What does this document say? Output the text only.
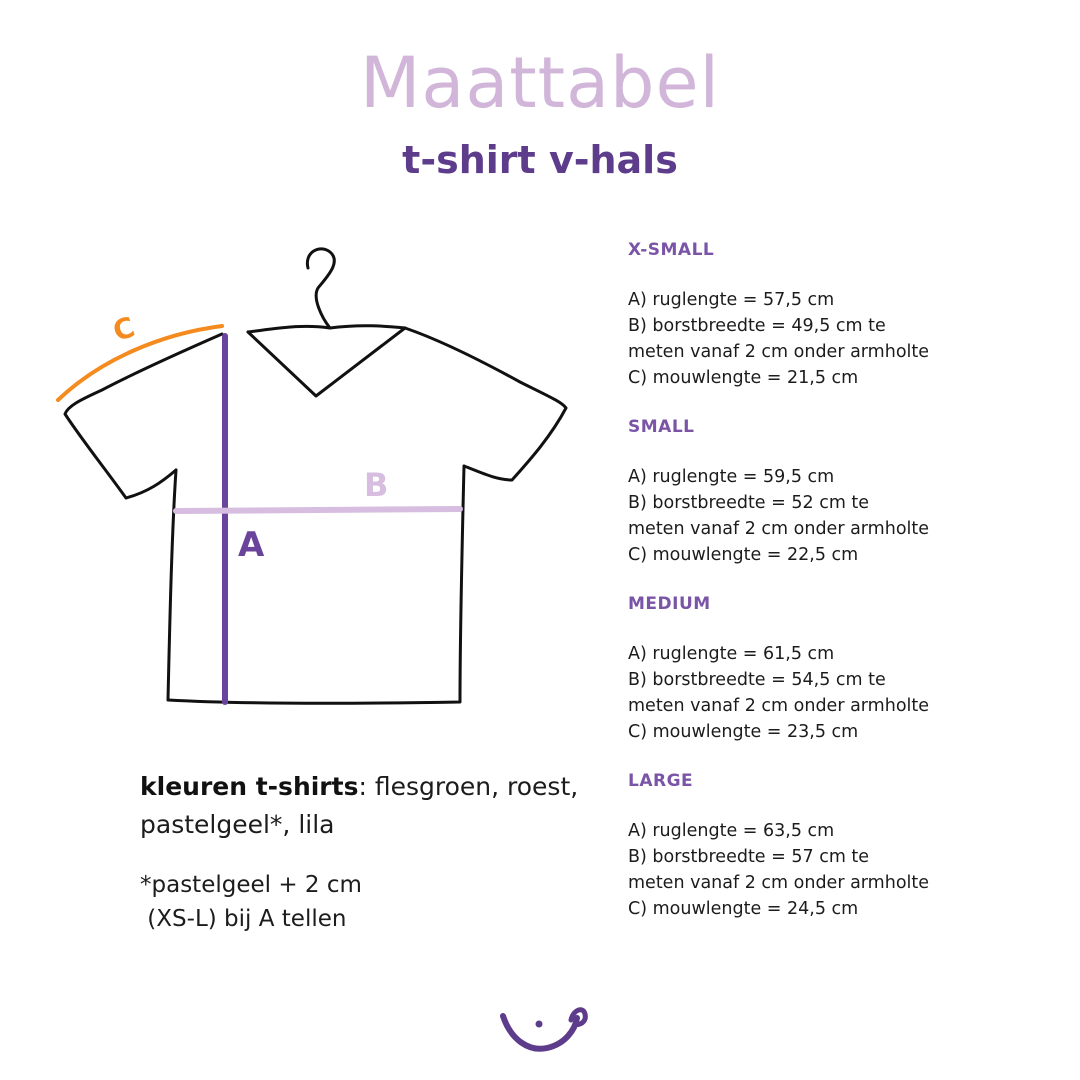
Maattabel
t-shirt v-hals
A
B
C
X-SMALL
A) ruglengte = 57,5 cm
B) borstbreedte = 49,5 cm te
meten vanaf 2 cm onder armholte
C) mouwlengte = 21,5 cm
SMALL
A) ruglengte = 59,5 cm
B) borstbreedte = 52 cm te
meten vanaf 2 cm onder armholte
C) mouwlengte = 22,5 cm
MEDIUM
A) ruglengte = 61,5 cm
B) borstbreedte = 54,5 cm te
meten vanaf 2 cm onder armholte
C) mouwlengte = 23,5 cm
LARGE
A) ruglengte = 63,5 cm
B) borstbreedte = 57 cm te
meten vanaf 2 cm onder armholte
C) mouwlengte = 24,5 cm
kleuren t-shirts: flesgroen, roest, pastelgeel*, lila
*pastelgeel + 2 cm
(XS-L) bij A tellen
